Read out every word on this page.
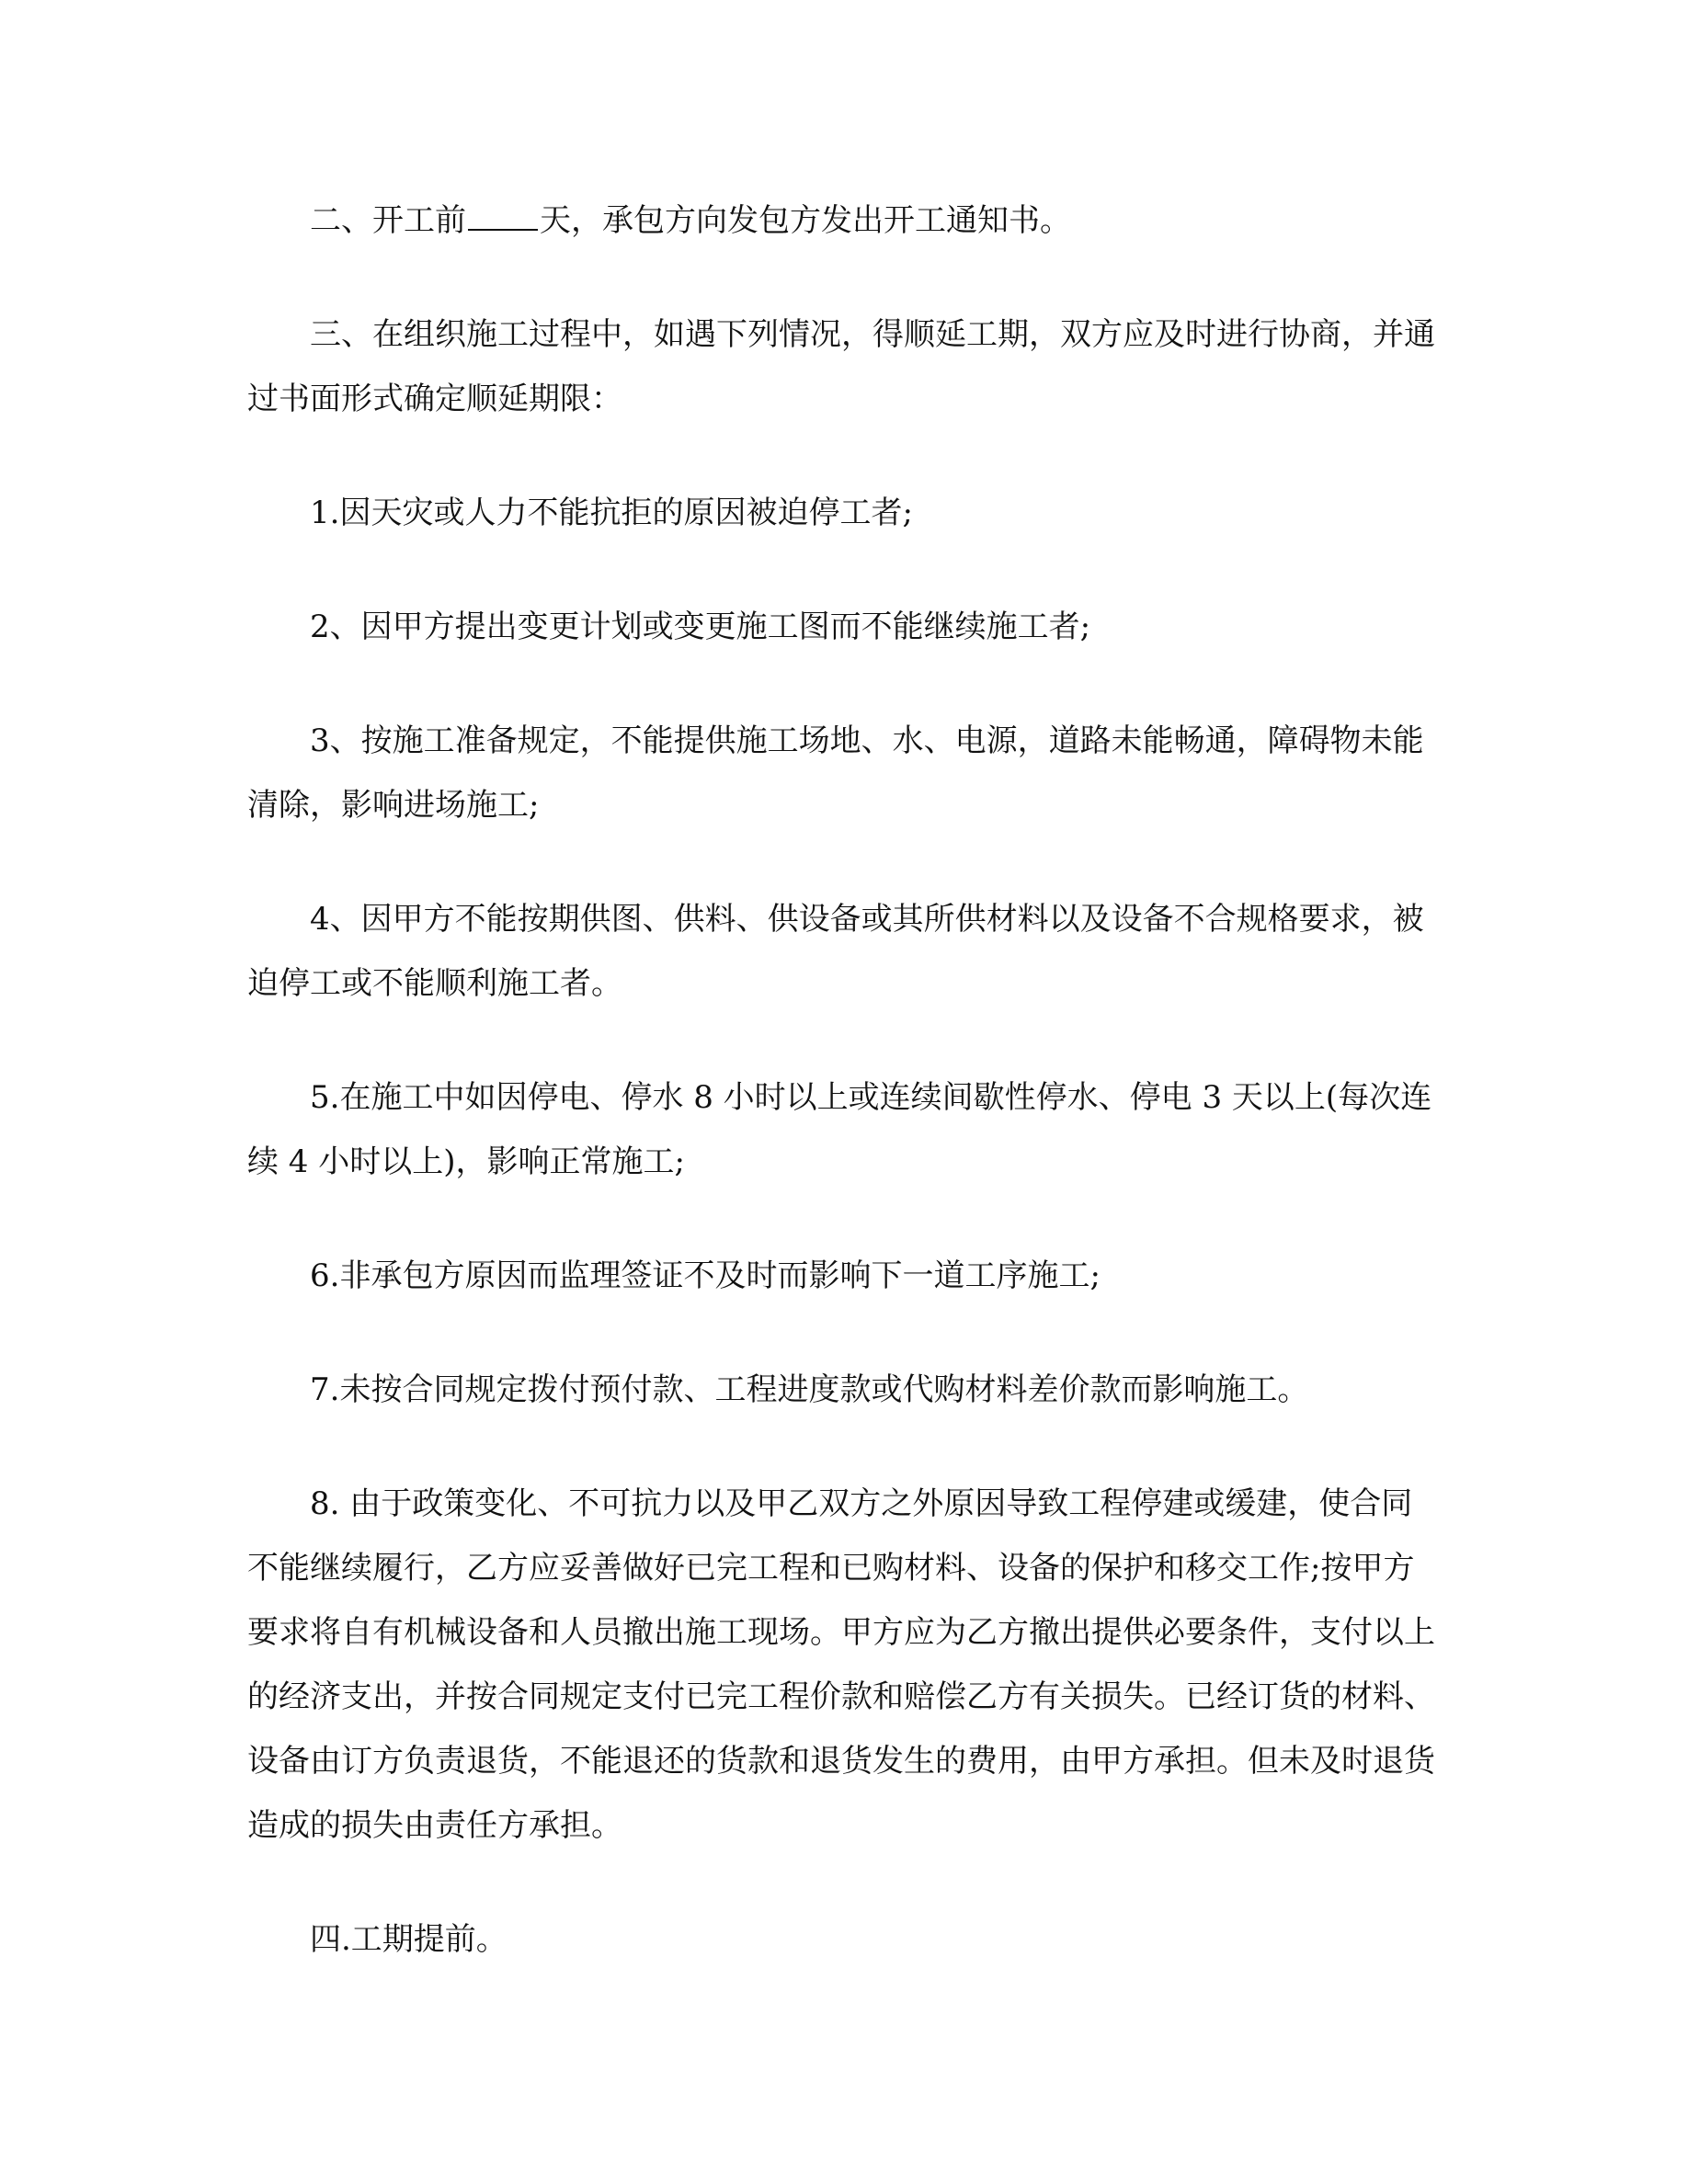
二、开工前 天，承包方向发包方发出开工通知书。

三、在组织施工过程中，如遇下列情况，得顺延工期，双方应及时进行协商，并通过书面形式确定顺延期限：

1.因天灾或人力不能抗拒的原因被迫停工者;

2、因甲方提出变更计划或变更施工图而不能继续施工者;

3、按施工准备规定，不能提供施工场地、水、电源，道路未能畅通，障碍物未能清除，影响进场施工;

4、因甲方不能按期供图、供料、供设备或其所供材料以及设备不合规格要求，被迫停工或不能顺利施工者。

5.在施工中如因停电、停水 8 小时以上或连续间歇性停水、停电 3 天以上(每次连续 4 小时以上)，影响正常施工;

6.非承包方原因而监理签证不及时而影响下一道工序施工;

7.未按合同规定拨付预付款、工程进度款或代购材料差价款而影响施工。

8. 由于政策变化、不可抗力以及甲乙双方之外原因导致工程停建或缓建，使合同不能继续履行，乙方应妥善做好已完工程和已购材料、设备的保护和移交工作;按甲方要求将自有机械设备和人员撤出施工现场。甲方应为乙方撤出提供必要条件，支付以上的经济支出，并按合同规定支付已完工程价款和赔偿乙方有关损失。已经订货的材料、设备由订方负责退货，不能退还的货款和退货发生的费用，由甲方承担。但未及时退货造成的损失由责任方承担。

四.工期提前。
